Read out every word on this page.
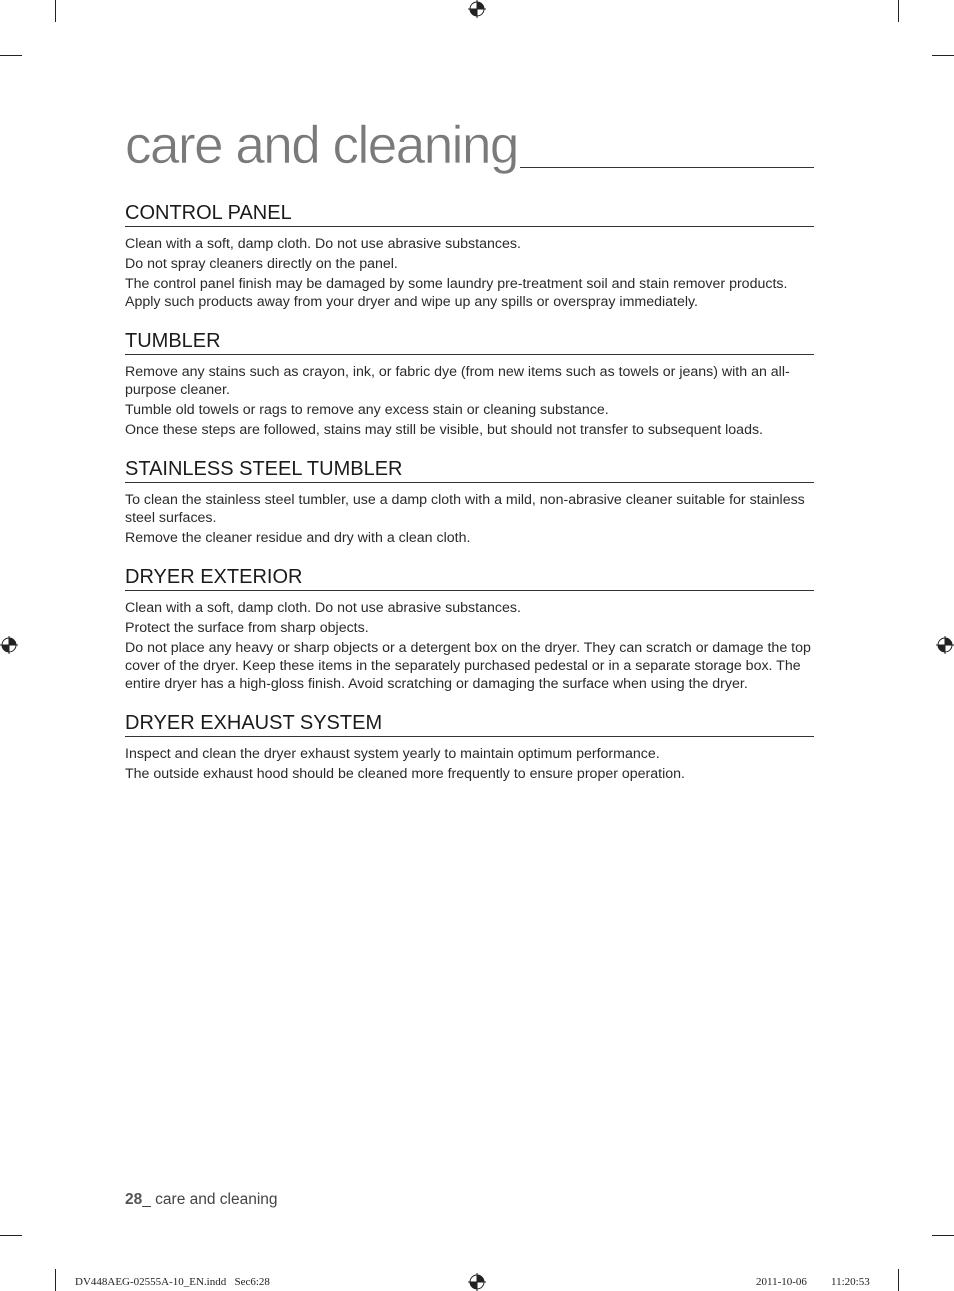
care and cleaning
CONTROL PANEL

Clean with a soft, damp cloth. Do not use abrasive substances.

Do not spray cleaners directly on the panel.

The control panel finish may be damaged by some laundry pre-treatment soil and stain remover products. Apply such products away from your dryer and wipe up any spills or overspray immediately.

TUMBLER

Remove any stains such as crayon, ink, or fabric dye (from new items such as towels or jeans) with an all-purpose cleaner.

Tumble old towels or rags to remove any excess stain or cleaning substance.

Once these steps are followed, stains may still be visible, but should not transfer to subsequent loads.

STAINLESS STEEL TUMBLER

To clean the stainless steel tumbler, use a damp cloth with a mild, non-abrasive cleaner suitable for stainless steel surfaces.

Remove the cleaner residue and dry with a clean cloth.

DRYER EXTERIOR

Clean with a soft, damp cloth. Do not use abrasive substances.

Protect the surface from sharp objects.

Do not place any heavy or sharp objects or a detergent box on the dryer. They can scratch or damage the top cover of the dryer. Keep these items in the separately purchased pedestal or in a separate storage box. The entire dryer has a high-gloss finish. Avoid scratching or damaging the surface when using the dryer.

DRYER EXHAUST SYSTEM

Inspect and clean the dryer exhaust system yearly to maintain optimum performance.

The outside exhaust hood should be cleaned more frequently to ensure proper operation.

28_ care and cleaning
DV448AEG-02555A-10_EN.indd   Sec6:28	2011-10-06 11:20:53
